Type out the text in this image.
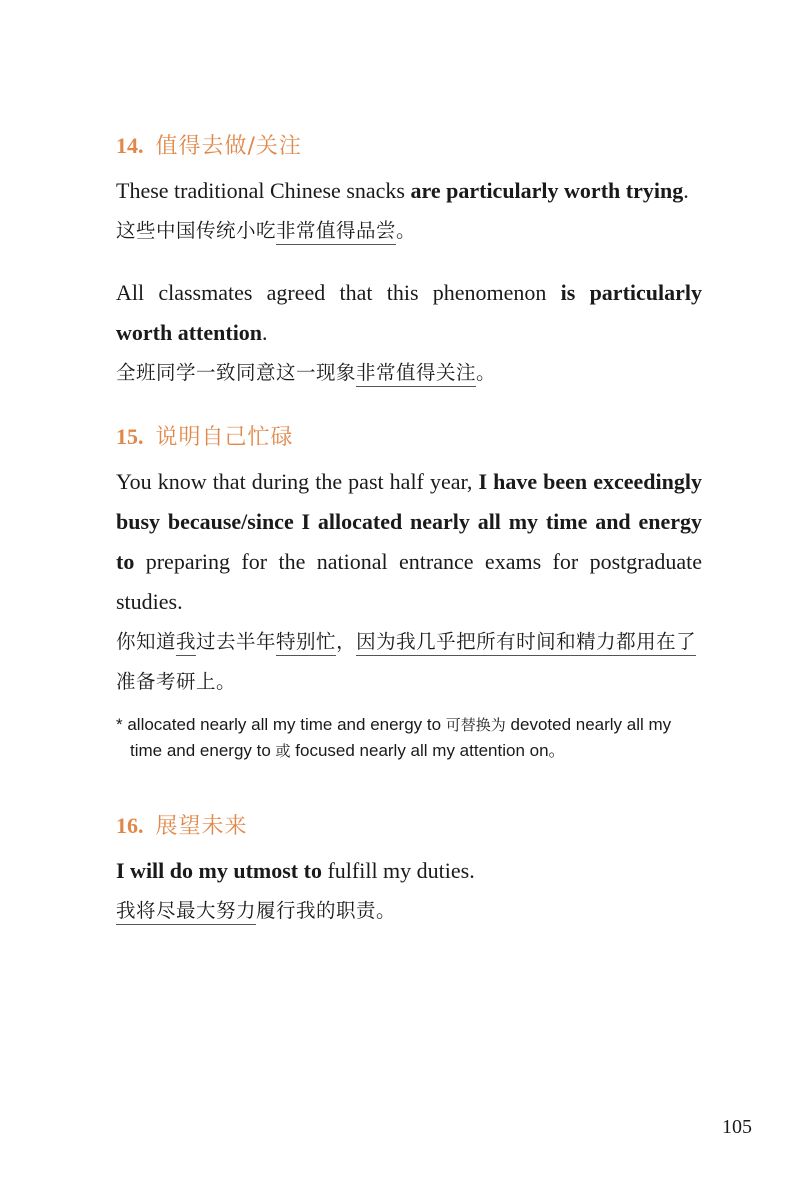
14. 值得去做/关注

These traditional Chinese snacks are particularly worth trying.

这些中国传统小吃非常值得品尝。

All classmates agreed that this phenomenon is particularly worth attention.

全班同学一致同意这一现象非常值得关注。

15. 说明自己忙碌

You know that during the past half year, I have been exceedingly busy because/since I allocated nearly all my time and energy to preparing for the national entrance exams for postgraduate studies.

你知道我过去半年特别忙，因为我几乎把所有时间和精力都用在了准备考研上。

* allocated nearly all my time and energy to 可替换为 devoted nearly all my time and energy to 或 focused nearly all my attention on。

16. 展望未来

I will do my utmost to fulfill my duties.

我将尽最大努力履行我的职责。

105
